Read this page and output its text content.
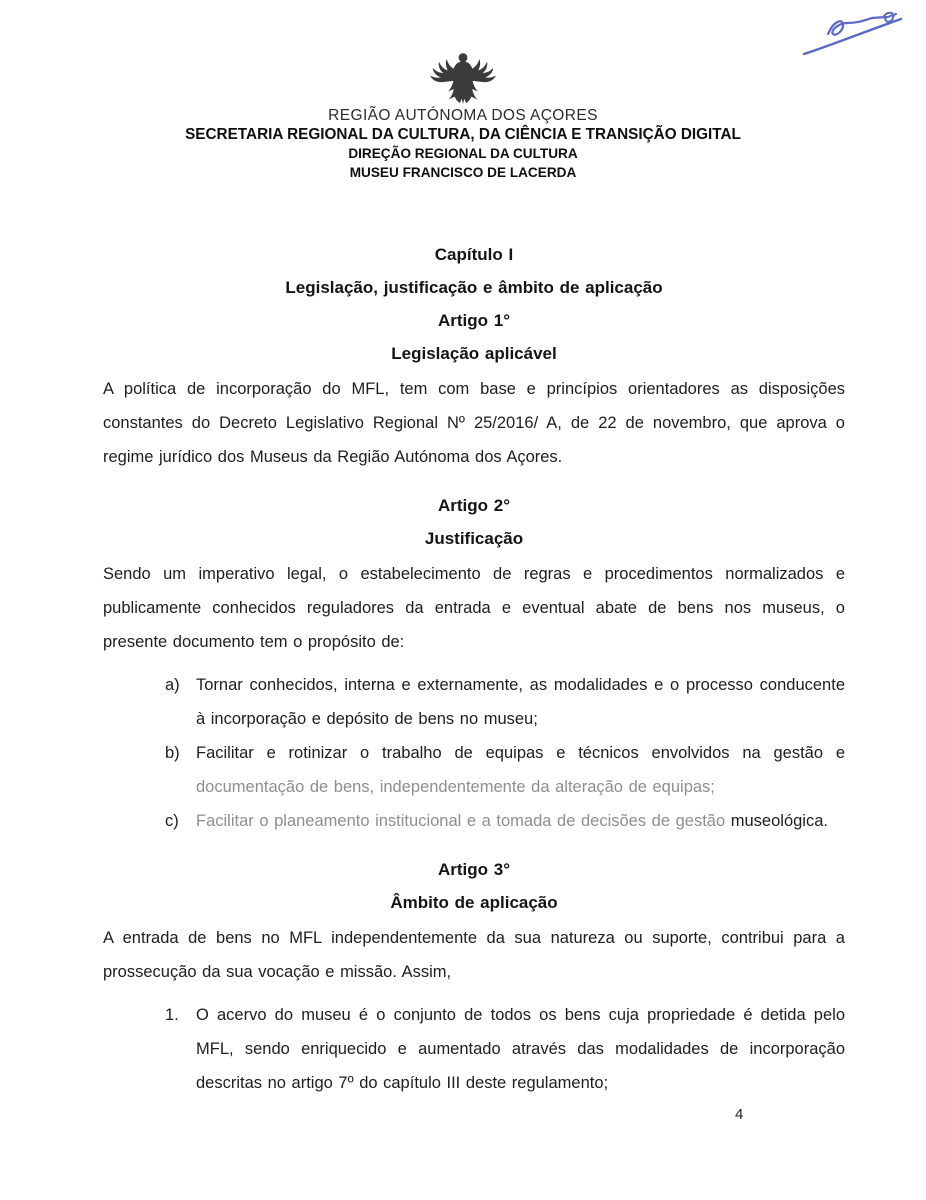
REGIÃO AUTÓNOMA DOS AÇORES
SECRETARIA REGIONAL DA CULTURA, DA CIÊNCIA E TRANSIÇÃO DIGITAL
DIREÇÃO REGIONAL DA CULTURA
MUSEU FRANCISCO DE LACERDA

Capítulo I

Legislação, justificação e âmbito de aplicação

Artigo 1°

Legislação aplicável

A política de incorporação do MFL, tem com base e princípios orientadores as disposições constantes do Decreto Legislativo Regional Nº 25/2016/ A, de 22 de novembro, que aprova o regime jurídico dos Museus da Região Autónoma dos Açores.

Artigo 2°

Justificação

Sendo um imperativo legal, o estabelecimento de regras e procedimentos normalizados e publicamente conhecidos reguladores da entrada e eventual abate de bens nos museus, o presente documento tem o propósito de:

a) Tornar conhecidos, interna e externamente, as modalidades e o processo conducente à incorporação e depósito de bens no museu;
b) Facilitar e rotinizar o trabalho de equipas e técnicos envolvidos na gestão e documentação de bens, independentemente da alteração de equipas;
c)	Facilitar o planeamento institucional e a tomada de decisões de gestão museológica.

Artigo 3°

Âmbito de aplicação

A entrada de bens no MFL independentemente da sua natureza ou suporte, contribui para a prossecução da sua vocação e missão. Assim,

1.	O acervo do museu é o conjunto de todos os bens cuja propriedade é detida pelo MFL, sendo enriquecido e aumentado através das modalidades de incorporação descritas no artigo 7º do capítulo III deste regulamento;
4
